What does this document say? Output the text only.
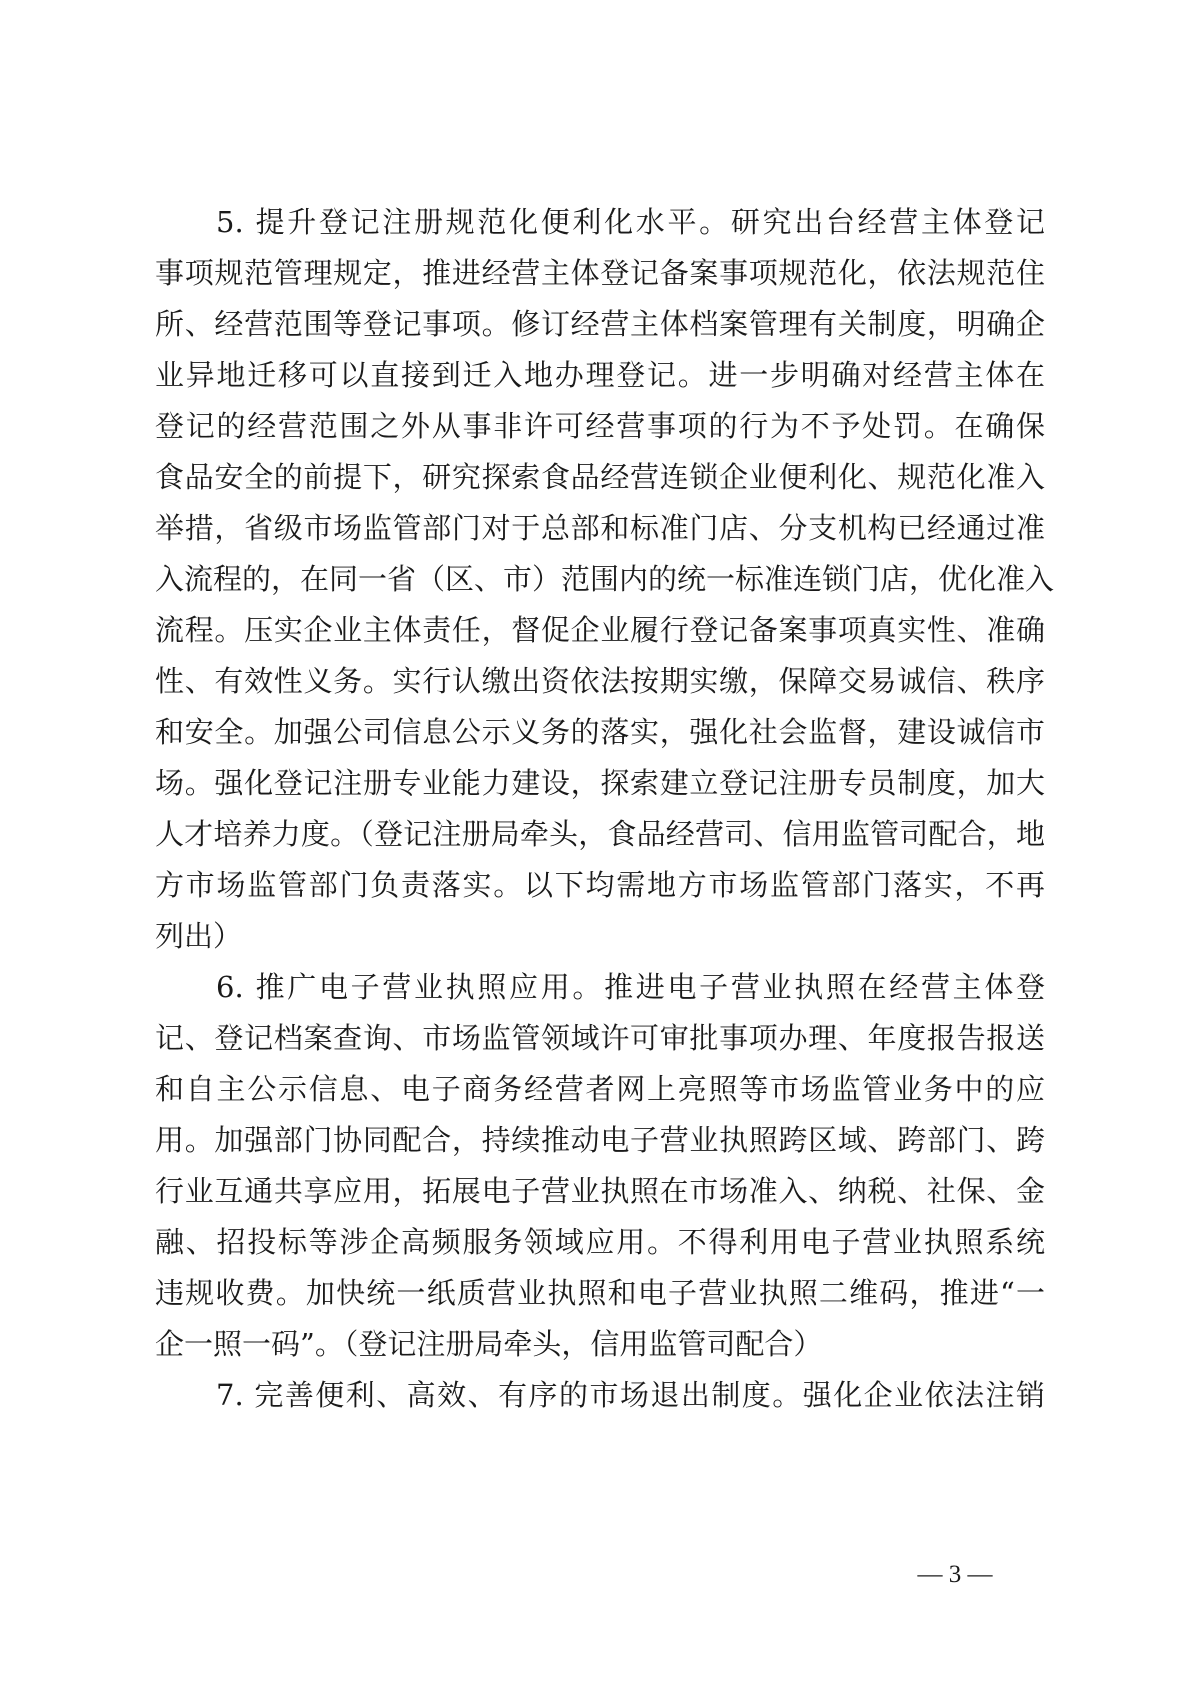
5. 提升登记注册规范化便利化水平。研究出台经营主体登记
事项规范管理规定，推进经营主体登记备案事项规范化，依法规范住
所、经营范围等登记事项。修订经营主体档案管理有关制度，明确企
业异地迁移可以直接到迁入地办理登记。进一步明确对经营主体在
登记的经营范围之外从事非许可经营事项的行为不予处罚。在确保
食品安全的前提下，研究探索食品经营连锁企业便利化、规范化准入
举措，省级市场监管部门对于总部和标准门店、分支机构已经通过准
入流程的，在同一省（区、市）范围内的统一标准连锁门店，优化准入
流程。压实企业主体责任，督促企业履行登记备案事项真实性、准确
性、有效性义务。实行认缴出资依法按期实缴，保障交易诚信、秩序
和安全。加强公司信息公示义务的落实，强化社会监督，建设诚信市
场。强化登记注册专业能力建设，探索建立登记注册专员制度，加大
人才培养力度。（登记注册局牵头，食品经营司、信用监管司配合，地
方市场监管部门负责落实。以下均需地方市场监管部门落实，不再
列出）
6. 推广电子营业执照应用。推进电子营业执照在经营主体登
记、登记档案查询、市场监管领域许可审批事项办理、年度报告报送
和自主公示信息、电子商务经营者网上亮照等市场监管业务中的应
用。加强部门协同配合，持续推动电子营业执照跨区域、跨部门、跨
行业互通共享应用，拓展电子营业执照在市场准入、纳税、社保、金
融、招投标等涉企高频服务领域应用。不得利用电子营业执照系统
违规收费。加快统一纸质营业执照和电子营业执照二维码，推进“一
企一照一码”。（登记注册局牵头，信用监管司配合）
7. 完善便利、高效、有序的市场退出制度。强化企业依法注销
— 3 —
